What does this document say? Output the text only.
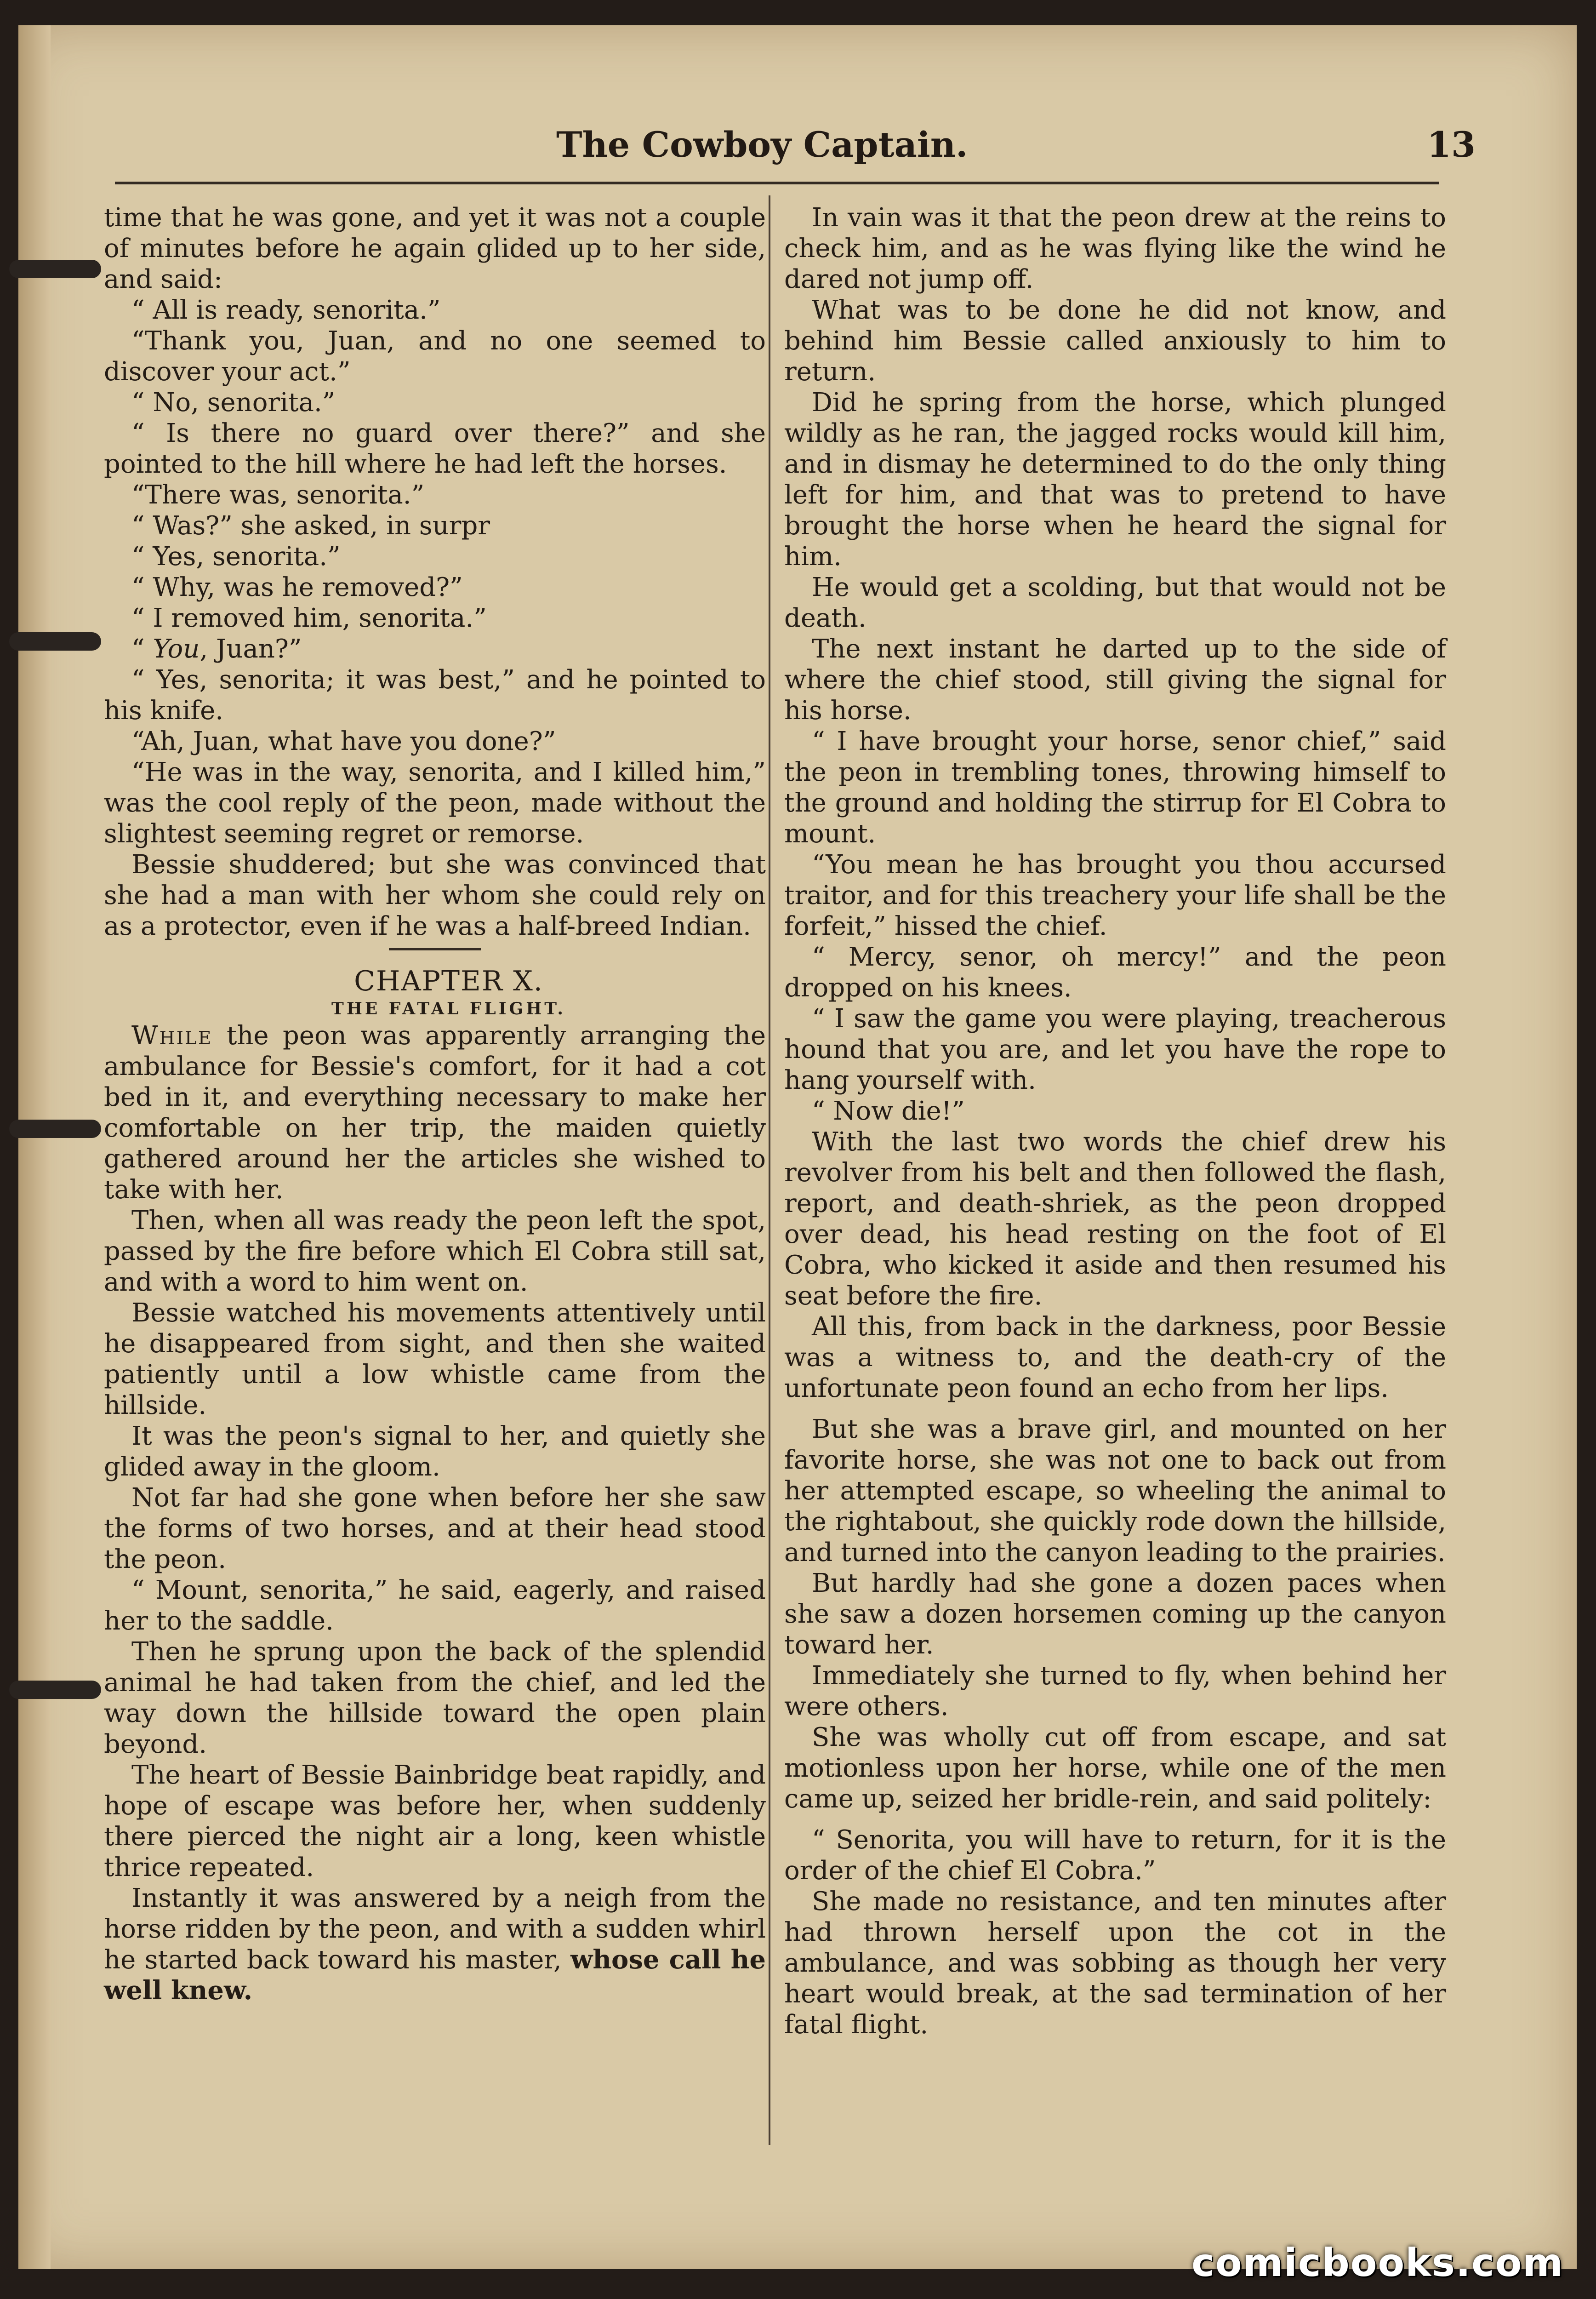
The Cowboy Captain.	13

time that he was gone, and yet it was not a couple of minutes before he again glided up to her side, and said:

“ All is ready, senorita.”

“Thank you, Juan, and no one seemed to discover your act.”

“ No, senorita.”

“ Is there no guard over there?” and she pointed to the hill where he had left the horses.

“There was, senorita.”

“ Was?” she asked, in surpr

“ Yes, senorita.”

“ Why, was he removed?”

“ I removed him, senorita.”

“ You, Juan?”

“ Yes, senorita; it was best,” and he pointed to his knife.

“Ah, Juan, what have you done?”

“He was in the way, senorita, and I killed him,” was the cool reply of the peon, made without the slightest seeming regret or remorse.

Bessie shuddered; but she was convinced that she had a man with her whom she could rely on as a protector, even if he was a half-breed Indian.

CHAPTER X.

THE FATAL FLIGHT.

While the peon was apparently arranging the ambulance for Bessie's comfort, for it had a cot bed in it, and everything necessary to make her comfortable on her trip, the maiden quietly gathered around her the articles she wished to take with her.

Then, when all was ready the peon left the spot, passed by the fire before which El Cobra still sat, and with a word to him went on.

Bessie watched his movements attentively until he disappeared from sight, and then she waited patiently until a low whistle came from the hillside.

It was the peon's signal to her, and quietly she glided away in the gloom.

Not far had she gone when before her she saw the forms of two horses, and at their head stood the peon.

“ Mount, senorita,” he said, eagerly, and raised her to the saddle.

Then he sprung upon the back of the splendid animal he had taken from the chief, and led the way down the hillside toward the open plain beyond.

The heart of Bessie Bainbridge beat rapidly, and hope of escape was before her, when suddenly there pierced the night air a long, keen whistle thrice repeated.

Instantly it was answered by a neigh from the horse ridden by the peon, and with a sudden whirl he started back toward his master, whose call he well knew.

In vain was it that the peon drew at the reins to check him, and as he was flying like the wind he dared not jump off.

What was to be done he did not know, and behind him Bessie called anxiously to him to return.

Did he spring from the horse, which plunged wildly as he ran, the jagged rocks would kill him, and in dismay he determined to do the only thing left for him, and that was to pretend to have brought the horse when he heard the signal for him.

He would get a scolding, but that would not be death.

The next instant he darted up to the side of where the chief stood, still giving the signal for his horse.

“ I have brought your horse, senor chief,” said the peon in trembling tones, throwing himself to the ground and holding the stirrup for El Cobra to mount.

“You mean he has brought you thou accursed traitor, and for this treachery your life shall be the forfeit,” hissed the chief.

“ Mercy, senor, oh mercy!” and the peon dropped on his knees.

“ I saw the game you were playing, treacherous hound that you are, and let you have the rope to hang yourself with.

“ Now die!”

With the last two words the chief drew his revolver from his belt and then followed the flash, report, and death-shriek, as the peon dropped over dead, his head resting on the foot of El Cobra, who kicked it aside and then resumed his seat before the fire.

All this, from back in the darkness, poor Bessie was a witness to, and the death-cry of the unfortunate peon found an echo from her lips.

But she was a brave girl, and mounted on her favorite horse, she was not one to back out from her attempted escape, so wheeling the animal to the rightabout, she quickly rode down the hillside, and turned into the canyon leading to the prairies.

But hardly had she gone a dozen paces when she saw a dozen horsemen coming up the canyon toward her.

Immediately she turned to fly, when behind her were others.

She was wholly cut off from escape, and sat motionless upon her horse, while one of the men came up, seized her bridle-rein, and said politely:

“ Senorita, you will have to return, for it is the order of the chief El Cobra.”

She made no resistance, and ten minutes after had thrown herself upon the cot in the ambulance, and was sobbing as though her very heart would break, at the sad termination of her fatal flight.

comicbooks.com
